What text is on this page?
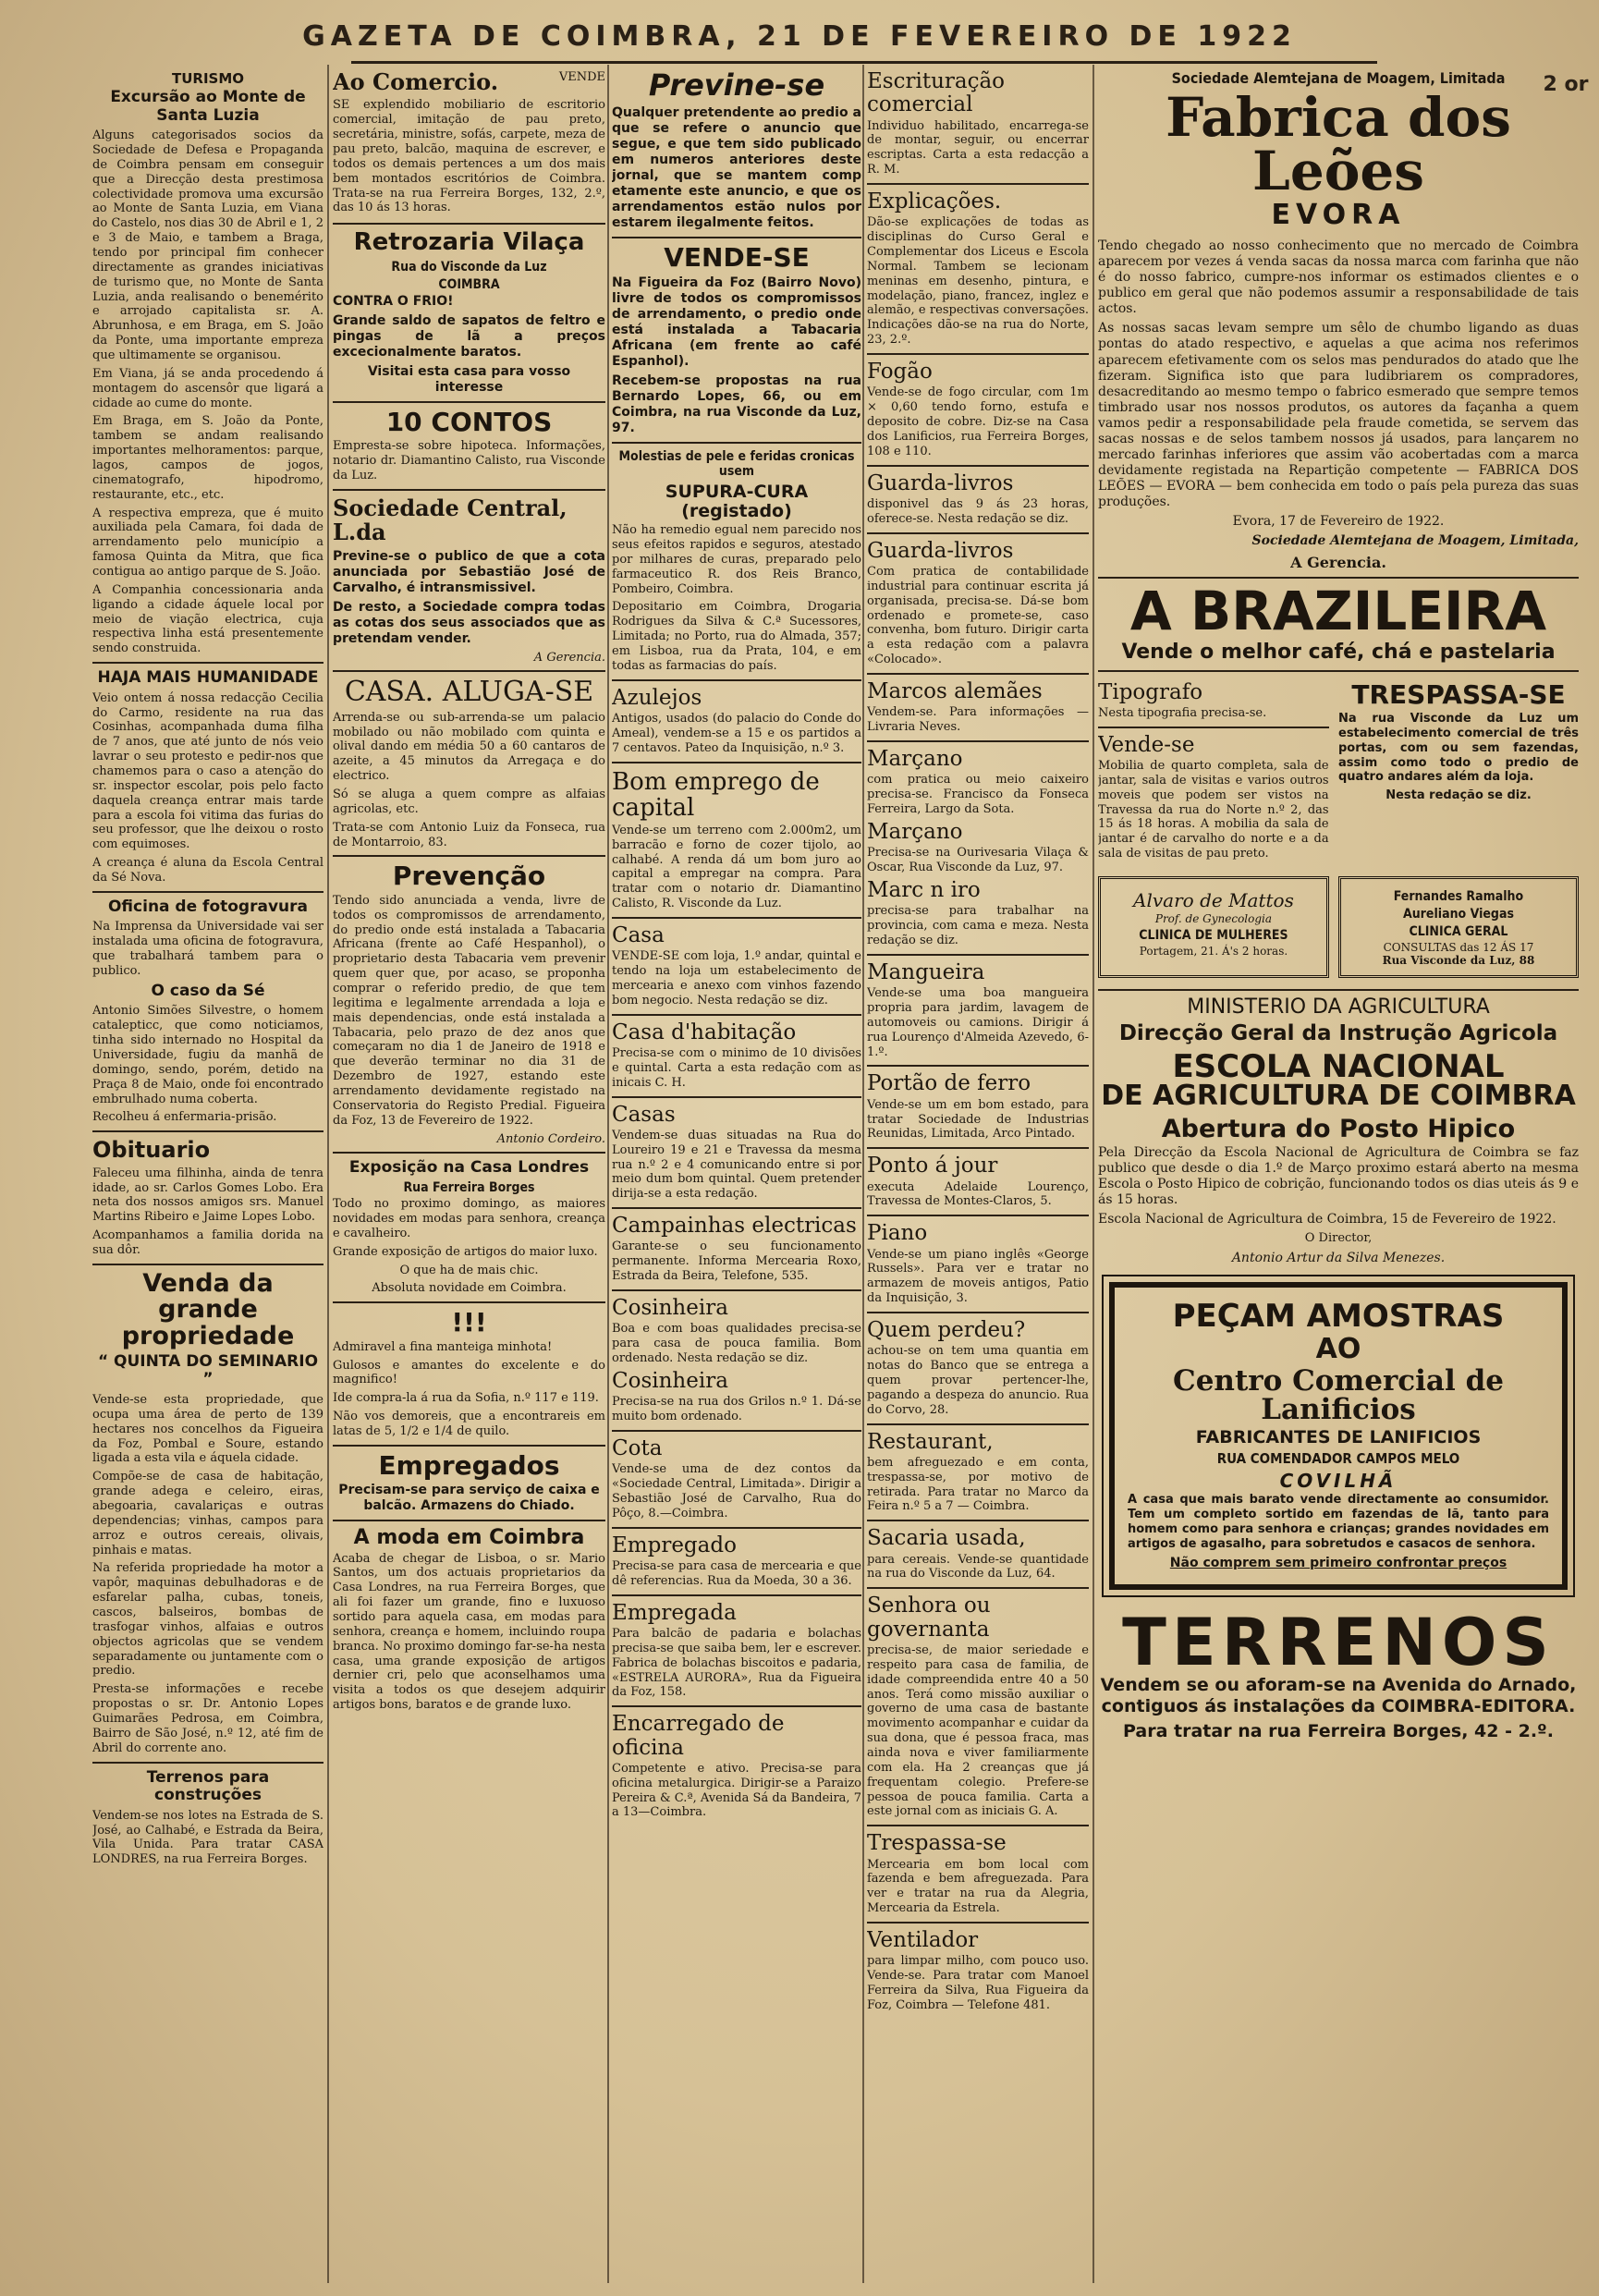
GAZETA DE COIMBRA, 21 DE FEVEREIRO DE 1922
TURISMO
Excursão ao Monte de Santa Luzia

Alguns categorisados socios da Sociedade de Defesa e Propaganda de Coimbra pensam em conseguir que a Direcção desta prestimosa colectividade promova uma excursão ao Monte de Santa Luzia, em Viana do Castelo, nos dias 30 de Abril e 1, 2 e 3 de Maio, e tambem a Braga, tendo por principal fim conhecer directamente as grandes iniciativas de turismo que, no Monte de Santa Luzia, anda realisando o benemérito e arrojado capitalista sr. A. Abrunhosa, e em Braga, em S. João da Ponte, uma importante empreza que ultimamente se organisou.

Em Viana, já se anda procedendo á montagem do ascensôr que ligará a cidade ao cume do monte.

Em Braga, em S. João da Ponte, tambem se andam realisando importantes melhoramentos: parque, lagos, campos de jogos, cinematografo, hipodromo, restaurante, etc., etc.

A respectiva empreza, que é muito auxiliada pela Camara, foi dada de arrendamento pelo município a famosa Quinta da Mitra, que fica contigua ao antigo parque de S. João.

A Companhia concessionaria anda ligando a cidade áquele local por meio de viação electrica, cuja respectiva linha está presentemente sendo construida.

HAJA MAIS HUMANIDADE

Veio ontem á nossa redacção Cecilia do Carmo, residente na rua das Cosinhas, acompanhada duma filha de 7 anos, que até junto de nós veio lavrar o seu protesto e pedir-nos que chamemos para o caso a atenção do sr. inspector escolar, pois pelo facto daquela creança entrar mais tarde para a escola foi vitima das furias do seu professor, que lhe deixou o rosto com equimoses.

A creança é aluna da Escola Central da Sé Nova.

Oficina de fotogravura

Na Imprensa da Universidade vai ser instalada uma oficina de fotogravura, que trabalhará tambem para o publico.

O caso da Sé

Antonio Simões Silvestre, o homem catalepticc, que como noticiamos, tinha sido internado no Hospital da Universidade, fugiu da manhã de domingo, sendo, porém, detido na Praça 8 de Maio, onde foi encontrado embrulhado numa coberta.

Recolheu á enfermaria-prisão.

Obituario

Faleceu uma filhinha, ainda de tenra idade, ao sr. Carlos Gomes Lobo. Era neta dos nossos amigos srs. Manuel Martins Ribeiro e Jaime Lopes Lobo.

Acompanhamos a familia dorida na sua dôr.

Venda da grande propriedade
“ QUINTA DO SEMINARIO ”

Vende-se esta propriedade, que ocupa uma área de perto de 139 hectares nos concelhos da Figueira da Foz, Pombal e Soure, estando ligada a esta vila e áquela cidade.

Compõe-se de casa de habitação, grande adega e celeiro, eiras, abegoaria, cavalariças e outras dependencias; vinhas, campos para arroz e outros cereais, olivais, pinhais e matas.

Na referida propriedade ha motor a vapôr, maquinas debulhadoras e de esfarelar palha, cubas, toneis, cascos, balseiros, bombas de trasfogar vinhos, alfaias e outros objectos agricolas que se vendem separadamente ou juntamente com o predio.

Presta-se informações e recebe propostas o sr. Dr. Antonio Lopes Guimarães Pedrosa, em Coimbra, Bairro de São José, n.º 12, até fim de Abril do corrente ano.

Terrenos para construções

Vendem-se nos lotes na Estrada de S. José, ao Calhabé, e Estrada da Beira, Vila Unida. Para tratar CASA LONDRES, na rua Ferreira Borges.

VENDE
Ao Comercio.

SE explendido mobiliario de escritorio comercial, imitação de pau preto, secretária, ministre, sofás, carpete, meza de pau preto, balcão, maquina de escrever, e todos os demais pertences a um dos mais bem montados escritórios de Coimbra. Trata-se na rua Ferreira Borges, 132, 2.º, das 10 ás 13 horas.

Retrozaria Vilaça
Rua do Visconde da Luz
COIMBRA

CONTRA O FRIO!

Grande saldo de sapatos de feltro e pingas de lã a preços excecionalmente baratos.

Visitai esta casa para vosso interesse

10 CONTOS

Empresta-se sobre hipoteca. Informações, notario dr. Diamantino Calisto, rua Visconde da Luz.

Sociedade Central, L.da

Previne-se o publico de que a cota anunciada por Sebastião José de Carvalho, é intransmissivel.

De resto, a Sociedade compra todas as cotas dos seus associados que as pretendam vender.

A Gerencia.
CASA. ALUGA-SE

Arrenda-se ou sub-arrenda-se um palacio mobilado ou não mobilado com quinta e olival dando em média 50 a 60 cantaros de azeite, a 45 minutos da Arregaça e do electrico.

Só se aluga a quem compre as alfaias agricolas, etc.

Trata-se com Antonio Luiz da Fonseca, rua de Montarroio, 83.

Prevenção

Tendo sido anunciada a venda, livre de todos os compromissos de arrendamento, do predio onde está instalada a Tabacaria Africana (frente ao Café Hespanhol), o proprietario desta Tabacaria vem prevenir quem quer que, por acaso, se proponha comprar o referido predio, de que tem legitima e legalmente arrendada a loja e mais dependencias, onde está instalada a Tabacaria, pelo prazo de dez anos que começaram no dia 1 de Janeiro de 1918 e que deverão terminar no dia 31 de Dezembro de 1927, estando este arrendamento devidamente registado na Conservatoria do Registo Predial. Figueira da Foz, 13 de Fevereiro de 1922.

Antonio Cordeiro.
Exposição na Casa Londres
Rua Ferreira Borges

Todo no proximo domingo, as maiores novidades em modas para senhora, creança e cavalheiro.

Grande exposição de artigos do maior luxo.

O que ha de mais chic.

Absoluta novidade em Coimbra.

!!!

Admiravel a fina manteiga minhota!

Gulosos e amantes do excelente e do magnifico!

Ide compra-la á rua da Sofia, n.º 117 e 119.

Não vos demoreis, que a encontrareis em latas de 5, 1/2 e 1/4 de quilo.

Empregados

Precisam-se para serviço de caixa e balcão. Armazens do Chiado.

A moda em Coimbra

Acaba de chegar de Lisboa, o sr. Mario Santos, um dos actuais proprietarios da Casa Londres, na rua Ferreira Borges, que ali foi fazer um grande, fino e luxuoso sortido para aquela casa, em modas para senhora, creança e homem, incluindo roupa branca. No proximo domingo far-se-ha nesta casa, uma grande exposição de artigos dernier cri, pelo que aconselhamos uma visita a todos os que desejem adquirir artigos bons, baratos e de grande luxo.

Previne-se

Qualquer pretendente ao predio a que se refere o anuncio que segue, e que tem sido publicado em numeros anteriores deste jornal, que se mantem comp etamente este anuncio, e que os arrendamentos estão nulos por estarem ilegalmente feitos.

VENDE-SE

Na Figueira da Foz (Bairro Novo) livre de todos os compromissos de arrendamento, o predio onde está instalada a Tabacaria Africana (em frente ao café Espanhol).

Recebem-se propostas na rua Bernardo Lopes, 66, ou em Coimbra, na rua Visconde da Luz, 97.

Molestias de pele e feridas cronicas usem
SUPURA-CURA (registado)

Não ha remedio egual nem parecido nos seus efeitos rapidos e seguros, atestado por milhares de curas, preparado pelo farmaceutico R. dos Reis Branco, Pombeiro, Coimbra.

Depositario em Coimbra, Drogaria Rodrigues da Silva & C.ª Sucessores, Limitada; no Porto, rua do Almada, 357; em Lisboa, rua da Prata, 104, e em todas as farmacias do país.

Azulejos

Antigos, usados (do palacio do Conde do Ameal), vendem-se a 15 e os partidos a 7 centavos. Pateo da Inquisição, n.º 3.

Bom emprego de capital

Vende-se um terreno com 2.000m2, um barracão e forno de cozer tijolo, ao calhabé. A renda dá um bom juro ao capital a empregar na compra. Para tratar com o notario dr. Diamantino Calisto, R. Visconde da Luz.

Casa

VENDE-SE com loja, 1.º andar, quintal e tendo na loja um estabelecimento de mercearia e anexo com vinhos fazendo bom negocio. Nesta redação se diz.

Casa d'habitação

Precisa-se com o minimo de 10 divisões e quintal. Carta a esta redação com as inicais C. H.

Casas

Vendem-se duas situadas na Rua do Loureiro 19 e 21 e Travessa da mesma rua n.º 2 e 4 comunicando entre si por meio dum bom quintal. Quem pretender dirija-se a esta redação.

Campainhas electricas

Garante-se o seu funcionamento permanente. Informa Mercearia Roxo, Estrada da Beira, Telefone, 535.

Cosinheira

Boa e com boas qualidades precisa-se para casa de pouca familia. Bom ordenado. Nesta redação se diz.

Cosinheira

Precisa-se na rua dos Grilos n.º 1. Dá-se muito bom ordenado.

Cota

Vende-se uma de dez contos da «Sociedade Central, Limitada». Dirigir a Sebastião José de Carvalho, Rua do Pôço, 8.—Coimbra.

Empregado

Precisa-se para casa de mercearia e que dê referencias. Rua da Moeda, 30 a 36.

Empregada

Para balcão de padaria e bolachas precisa-se que saiba bem, ler e escrever. Fabrica de bolachas biscoitos e padaria, «ESTRELA AURORA», Rua da Figueira da Foz, 158.

Encarregado de oficina

Competente e ativo. Precisa-se para oficina metalurgica. Dirigir-se a Paraizo Pereira & C.ª, Avenida Sá da Bandeira, 7 a 13—Coimbra.

Escrituração comercial

Individuo habilitado, encarrega-se de montar, seguir, ou encerrar escriptas. Carta a esta redacção a R. M.

Explicações.

Dão-se explicações de todas as disciplinas do Curso Geral e Complementar dos Liceus e Escola Normal. Tambem se lecionam meninas em desenho, pintura, e modelação, piano, francez, inglez e alemão, e respectivas conversações. Indicações dão-se na rua do Norte, 23, 2.º.

Fogão

Vende-se de fogo circular, com 1m × 0,60 tendo forno, estufa e deposito de cobre. Diz-se na Casa dos Lanificios, rua Ferreira Borges, 108 e 110.

Guarda-livros

disponivel das 9 ás 23 horas, oferece-se. Nesta redação se diz.

Guarda-livros

Com pratica de contabilidade industrial para continuar escrita já organisada, precisa-se. Dá-se bom ordenado e promete-se, caso convenha, bom futuro. Dirigir carta a esta redação com a palavra «Colocado».

Marcos alemães

Vendem-se. Para informações — Livraria Neves.

Marçano

com pratica ou meio caixeiro precisa-se. Francisco da Fonseca Ferreira, Largo da Sota.

Marçano

Precisa-se na Ourivesaria Vilaça & Oscar, Rua Visconde da Luz, 97.

Marc n iro

precisa-se para trabalhar na provincia, com cama e meza. Nesta redação se diz.

Mangueira

Vende-se uma boa mangueira propria para jardim, lavagem de automoveis ou camions. Dirigir á rua Lourenço d'Almeida Azevedo, 6-1.º.

Portão de ferro

Vende-se um em bom estado, para tratar Sociedade de Industrias Reunidas, Limitada, Arco Pintado.

Ponto á jour

executa Adelaide Lourenço, Travessa de Montes-Claros, 5.

Piano

Vende-se um piano inglês «George Russels». Para ver e tratar no armazem de moveis antigos, Patio da Inquisição, 3.

Quem perdeu?

achou-se on tem uma quantia em notas do Banco que se entrega a quem provar pertencer-lhe, pagando a despeza do anuncio. Rua do Corvo, 28.

Restaurant,

bem afreguezado e em conta, trespassa-se, por motivo de retirada. Para tratar no Marco da Feira n.º 5 a 7 — Coimbra.

Sacaria usada,

para cereais. Vende-se quantidade na rua do Visconde da Luz, 64.

Senhora ou governanta

precisa-se, de maior seriedade e respeito para casa de familia, de idade compreendida entre 40 a 50 anos. Terá como missão auxiliar o governo de uma casa de bastante movimento acompanhar e cuidar da sua dona, que é pessoa fraca, mas ainda nova e viver familiarmente com ela. Ha 2 creanças que já frequentam colegio. Prefere-se pessoa de pouca familia. Carta a este jornal com as iniciais G. A.

Trespassa-se

Mercearia em bom local com fazenda e bem afreguezada. Para ver e tratar na rua da Alegria, Mercearia da Estrela.

Ventilador

para limpar milho, com pouco uso. Vende-se. Para tratar com Manoel Ferreira da Silva, Rua Figueira da Foz, Coimbra — Telefone 481.

Sociedade Alemtejana de Moagem, Limitada
Fabrica dos Leões
EVORA

Tendo chegado ao nosso conhecimento que no mercado de Coimbra aparecem por vezes á venda sacas da nossa marca com farinha que não é do nosso fabrico, cumpre-nos informar os estimados clientes e o publico em geral que não podemos assumir a responsabilidade de tais actos.

As nossas sacas levam sempre um sêlo de chumbo ligando as duas pontas do atado respectivo, e aquelas a que acima nos referimos aparecem efetivamente com os selos mas pendurados do atado que lhe fizeram. Significa isto que para ludibriarem os compradores, desacreditando ao mesmo tempo o fabrico esmerado que sempre temos timbrado usar nos nossos produtos, os autores da façanha a quem vamos pedir a responsabilidade pela fraude cometida, se servem das sacas nossas e de selos tambem nossos já usados, para lançarem no mercado farinhas inferiores que assim vão acobertadas com a marca devidamente registada na Repartição competente — FABRICA DOS LEÕES — EVORA — bem conhecida em todo o país pela pureza das suas produções.

Evora, 17 de Fevereiro de 1922.

Sociedade Alemtejana de Moagem, Limitada,
A Gerencia.
A BRAZILEIRA
Vende o melhor café, chá e pastelaria
Tipografo

Nesta tipografia precisa-se.

Vende-se

Mobilia de quarto completa, sala de jantar, sala de visitas e varios outros moveis que podem ser vistos na Travessa da rua do Norte n.º 2, das 15 ás 18 horas. A mobilia da sala de jantar é de carvalho do norte e a da sala de visitas de pau preto.

TRESPASSA-SE

Na rua Visconde da Luz um estabelecimento comercial de três portas, com ou sem fazendas, assim como todo o predio de quatro andares além da loja.

Nesta redação se diz.

Alvaro de Mattos
Prof. de Gynecologia
CLINICA DE MULHERES
Portagem, 21. Á's 2 horas.
Fernandes Ramalho
Aureliano Viegas
CLINICA GERAL
CONSULTAS das 12 ÁS 17
Rua Visconde da Luz, 88
MINISTERIO DA AGRICULTURA
Direcção Geral da Instrução Agricola
ESCOLA NACIONAL
DE AGRICULTURA DE COIMBRA
Abertura do Posto Hipico

Pela Direcção da Escola Nacional de Agricultura de Coimbra se faz publico que desde o dia 1.º de Março proximo estará aberto na mesma Escola o Posto Hipico de cobrição, funcionando todos os dias uteis ás 9 e ás 15 horas.

Escola Nacional de Agricultura de Coimbra, 15 de Fevereiro de 1922.

O Director,
Antonio Artur da Silva Menezes.
PEÇAM AMOSTRAS
AO
Centro Comercial de Lanificios
FABRICANTES DE LANIFICIOS
RUA COMENDADOR CAMPOS MELO
COVILHÃ

A casa que mais barato vende directamente ao consumidor. Tem um completo sortido em fazendas de lã, tanto para homem como para senhora e crianças; grandes novidades em artigos de agasalho, para sobretudos e casacos de senhora.

Não comprem sem primeiro confrontar preços

TERRENOS

Vendem se ou aforam-se na Avenida do Arnado, contiguos ás instalações da COIMBRA-EDITORA.

Para tratar na rua Ferreira Borges, 42 - 2.º.

2 or
